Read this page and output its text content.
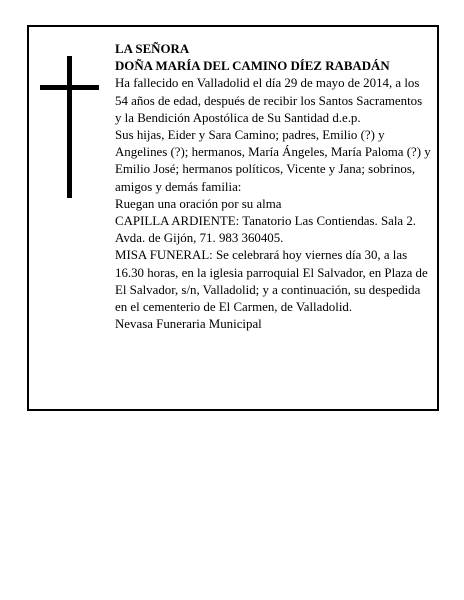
LA SEÑORA

DOÑA MARÍA DEL CAMINO DÍEZ RABADÁN

Ha fallecido en Valladolid el día 29 de mayo de 2014, a los 54 años de edad, después de recibir los Santos Sacramentos y la Bendición Apostólica de Su Santidad d.e.p.

Sus hijas, Eider y Sara Camino; padres, Emilio (?) y Angelines (?); hermanos, María Ángeles, María Paloma (?) y Emilio José; hermanos políticos, Vicente y Jana; sobrinos, amigos y demás familia:

Ruegan una oración por su alma

CAPILLA ARDIENTE: Tanatorio Las Contiendas. Sala 2. Avda. de Gijón, 71. 983 360405.

MISA FUNERAL: Se celebrará hoy viernes día 30, a las 16.30 horas, en la iglesia parroquial El Salvador, en Plaza de El Salvador, s/n, Valladolid; y a continuación, su despedida en el cementerio de El Carmen, de Valladolid.

Nevasa Funeraria Municipal
